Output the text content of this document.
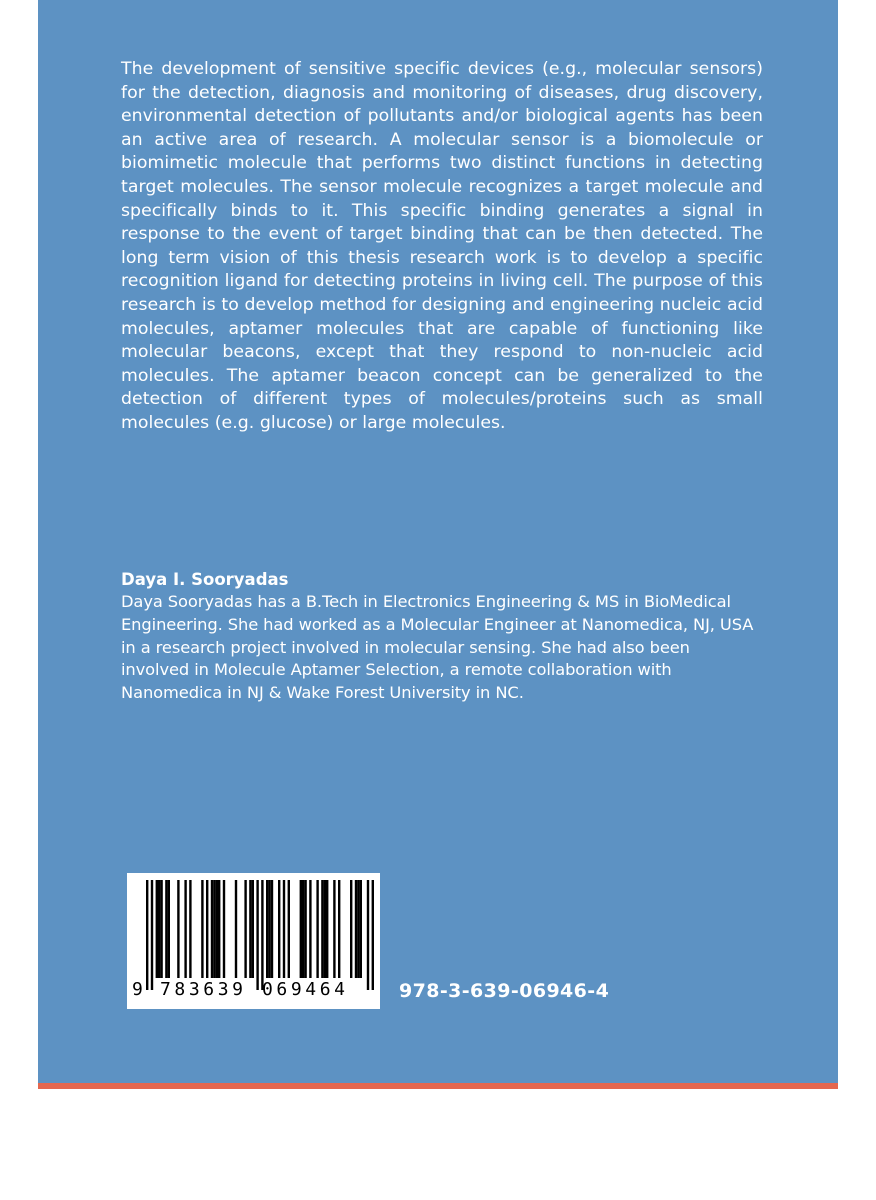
The development of sensitive specific devices (e.g., molecular sensors) for the detection, diagnosis and monitoring of diseases, drug discovery, environmental detection of pollutants and/or biological agents has been an active area of research. A molecular sensor is a biomolecule or biomimetic molecule that performs two distinct functions in detecting target molecules. The sensor molecule recognizes a target molecule and specifically binds to it. This specific binding generates a signal in response to the event of target binding that can be then detected. The long term vision of this thesis research work is to develop a specific recognition ligand for detecting proteins in living cell. The purpose of this research is to develop method for designing and engineering nucleic acid molecules, aptamer molecules that are capable of functioning like molecular beacons, except that they respond to non-nucleic acid molecules. The aptamer beacon concept can be generalized to the detection of different types of molecules/proteins such as small molecules (e.g. glucose) or large molecules.

Daya I. Sooryadas

Daya Sooryadas has a B.Tech in Electronics Engineering & MS in BioMedical Engineering. She had worked as a Molecular Engineer at Nanomedica, NJ, USA in a research project involved in molecular sensing. She had also been involved in Molecule Aptamer Selection, a remote collaboration with Nanomedica in NJ & Wake Forest University in NC.

9 783639 069464	978-3-639-06946-4
